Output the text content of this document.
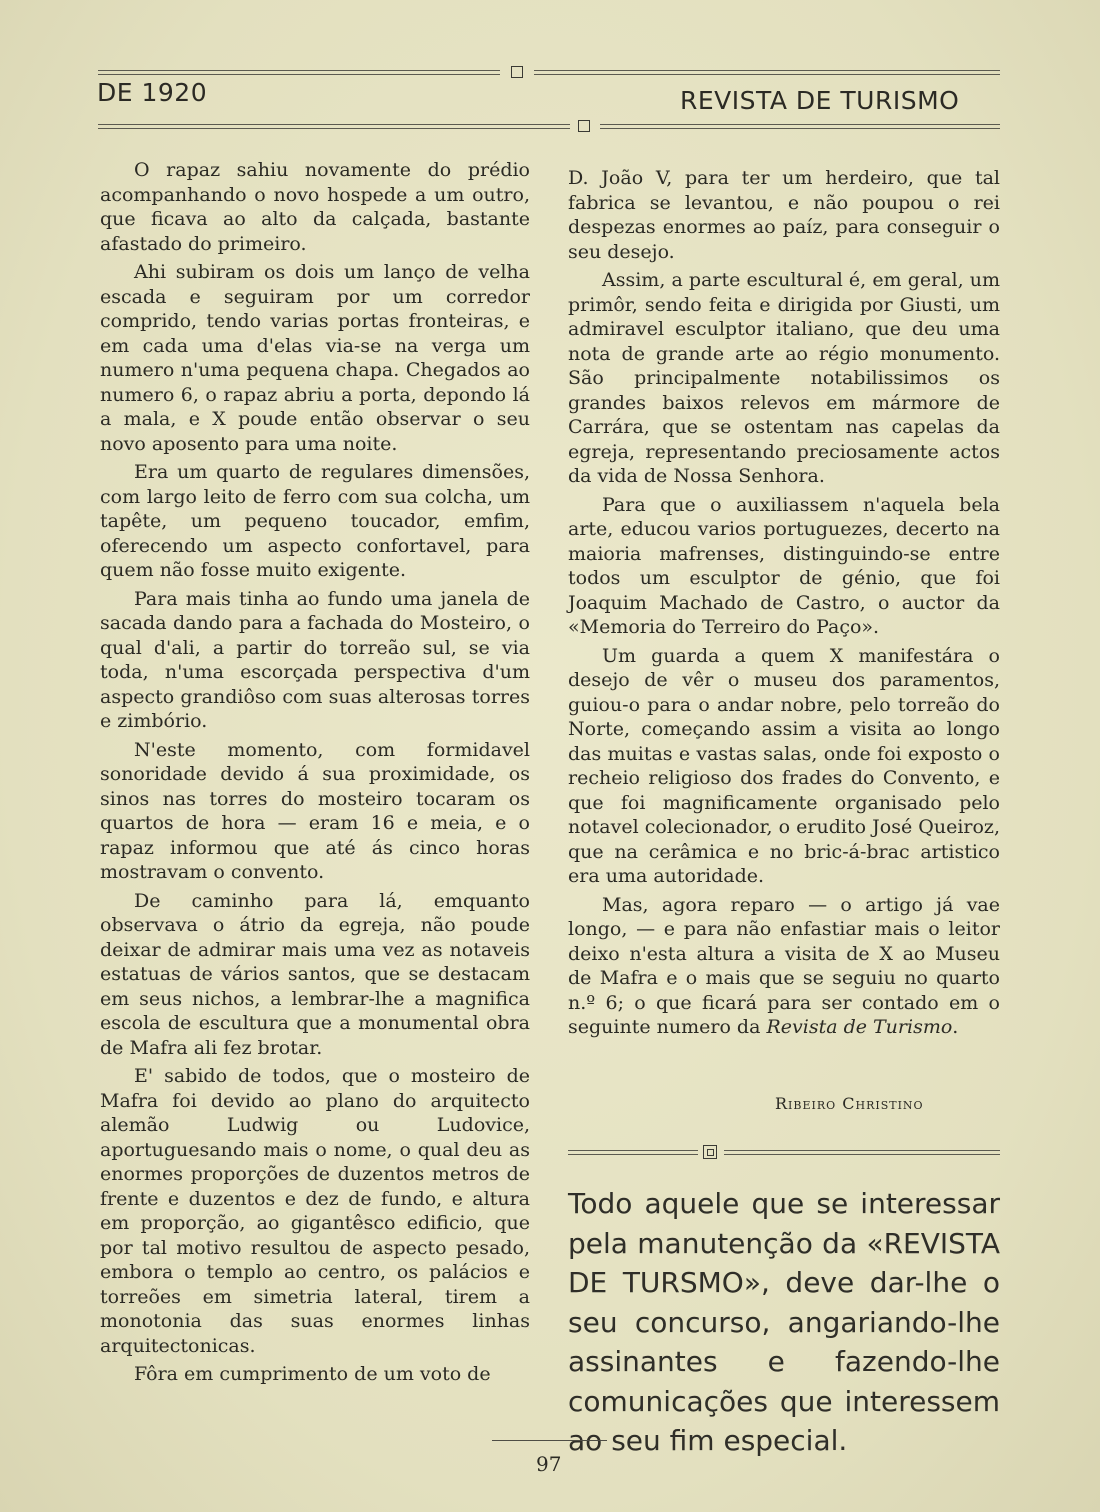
DE 1920	REVISTA DE TURISMO

O rapaz sahiu novamente do prédio acompanhando o novo hospede a um outro, que ficava ao alto da calçada, bastante afastado do primeiro.

Ahi subiram os dois um lanço de velha escada e seguiram por um corredor comprido, tendo varias portas fronteiras, e em cada uma d'elas via-se na verga um numero n'uma pequena chapa. Chegados ao numero 6, o rapaz abriu a porta, depondo lá a mala, e X poude então observar o seu novo aposento para uma noite.

Era um quarto de regulares dimensões, com largo leito de ferro com sua colcha, um tapête, um pequeno toucador, emfim, oferecendo um aspecto confortavel, para quem não fosse muito exigente.

Para mais tinha ao fundo uma janela de sacada dando para a fachada do Mosteiro, o qual d'ali, a partir do torreão sul, se via toda, n'uma escorçada perspectiva d'um aspecto grandiôso com suas alterosas torres e zimbório.

N'este momento, com formidavel sonoridade devido á sua proximidade, os sinos nas torres do mosteiro tocaram os quartos de hora — eram 16 e meia, e o rapaz informou que até ás cinco horas mostravam o convento.

De caminho para lá, emquanto observava o átrio da egreja, não poude deixar de admirar mais uma vez as notaveis estatuas de vários santos, que se destacam em seus nichos, a lembrar-lhe a magnifica escola de escultura que a monumental obra de Mafra ali fez brotar.

E' sabido de todos, que o mosteiro de Mafra foi devido ao plano do arquitecto alemão Ludwig ou Ludovice, aportuguesando mais o nome, o qual deu as enormes proporções de duzentos metros de frente e duzentos e dez de fundo, e altura em proporção, ao gigantêsco edificio, que por tal motivo resultou de aspecto pesado, embora o templo ao centro, os palácios e torreões em simetria lateral, tirem a monotonia das suas enormes linhas arquitectonicas.

Fôra em cumprimento de um voto de

D. João V, para ter um herdeiro, que tal fabrica se levantou, e não poupou o rei despezas enormes ao paíz, para conseguir o seu desejo.

Assim, a parte escultural é, em geral, um primôr, sendo feita e dirigida por Giusti, um admiravel esculptor italiano, que deu uma nota de grande arte ao régio monumento. São principalmente notabilissimos os grandes baixos relevos em mármore de Carrára, que se ostentam nas capelas da egreja, representando preciosamente actos da vida de Nossa Senhora.

Para que o auxiliassem n'aquela bela arte, educou varios portuguezes, decerto na maioria mafrenses, distinguindo-se entre todos um esculptor de génio, que foi Joaquim Machado de Castro, o auctor da «Memoria do Terreiro do Paço».

Um guarda a quem X manifestára o desejo de vêr o museu dos paramentos, guiou-o para o andar nobre, pelo torreão do Norte, começando assim a visita ao longo das muitas e vastas salas, onde foi exposto o recheio religioso dos frades do Convento, e que foi magnificamente organisado pelo notavel colecionador, o erudito José Queiroz, que na cerâmica e no bric-á-brac artistico era uma autoridade.

Mas, agora reparo — o artigo já vae longo, — e para não enfastiar mais o leitor deixo n'esta altura a visita de X ao Museu de Mafra e o mais que se seguiu no quarto n.º 6; o que ficará para ser contado em o seguinte numero da Revista de Turismo.

Ribeiro Christino
Todo aquele que se interessar pela manutenção da «REVISTA DE TURSMO», deve dar-lhe o seu concurso, angariando-lhe assinantes e fazendo-lhe comunicações que interessem ao seu fim especial.
97
